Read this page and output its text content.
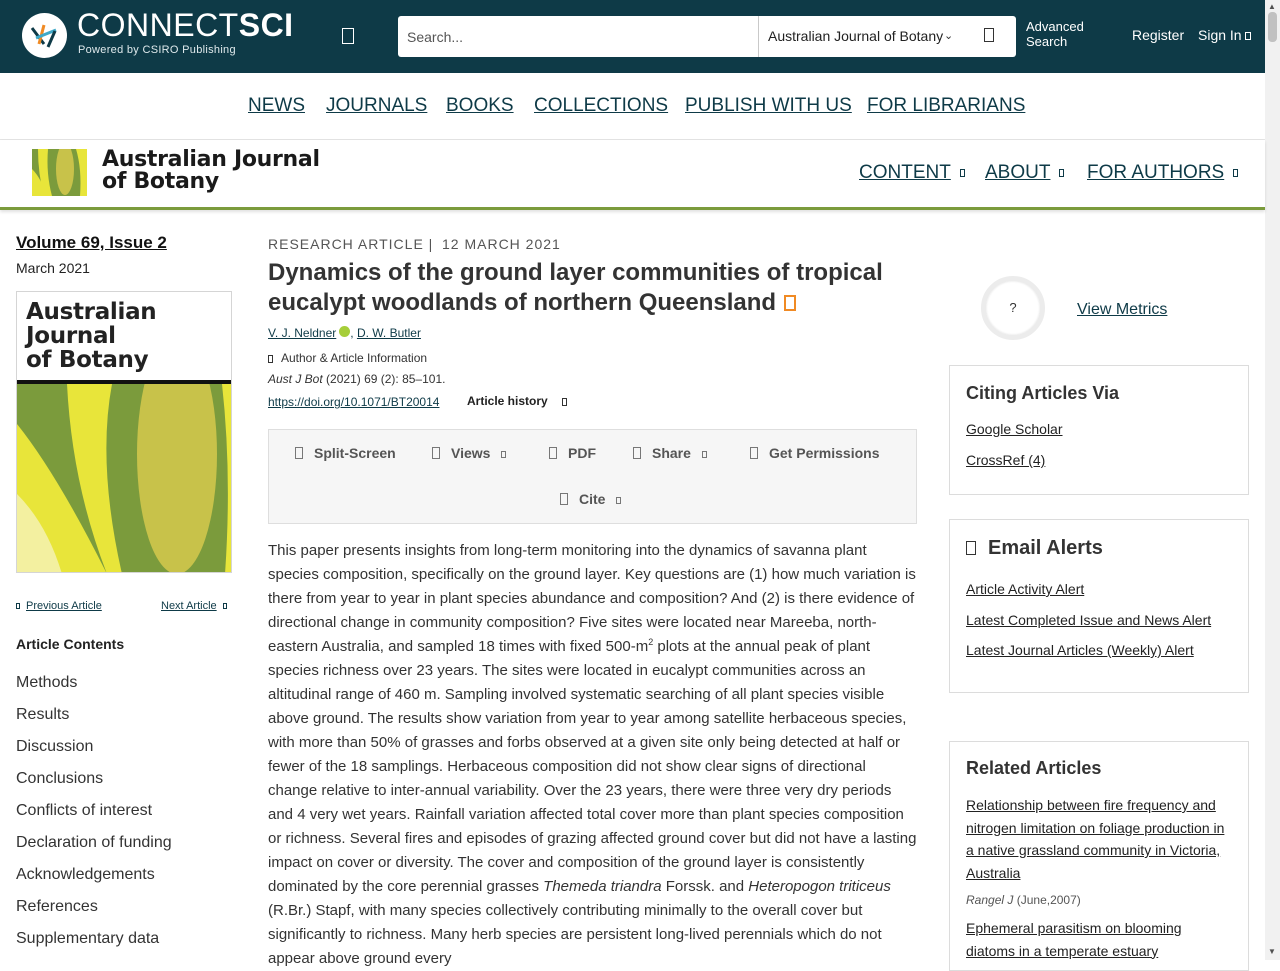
CONNECTSCI
Powered by CSIRO Publishing
Search...
Australian Journal of Botany ⌄
Advanced Search	Register Sign In
▲
▼
NEWS JOURNALS BOOKS COLLECTIONS PUBLISH WITH US FOR LIBRARIANS
Australian Journal
of Botany	CONTENT	ABOUT	FOR AUTHORS
Volume 69, Issue 2
March 2021
Australian
Journal
of Botany
Previous Article	Next Article
Article Contents
Methods
Results
Discussion
Conclusions
Conflicts of interest
Declaration of funding
Acknowledgements
References
Supplementary data
RESEARCH ARTICLE | 12 MARCH 2021
Dynamics of the ground layer communities of tropical eucalypt woodlands of northern Queensland
V. J. Neldner , D. W. Butler
Author & Article Information
Aust J Bot (2021) 69 (2): 85–101.
https://doi.org/10.1071/BT20014 Article history
Split-Screen	Views	PDF	Share	Get Permissions
Cite
This paper presents insights from long-term monitoring into the dynamics of savanna plant species composition, specifically on the ground layer. Key questions are (1) how much variation is there from year to year in plant species abundance and composition? And (2) is there evidence of directional change in community composition? Five sites were located near Mareeba, north-eastern Australia, and sampled 18 times with fixed $500-m^2$ plots at the annual peak of plant species richness over 23 years. The sites were located in eucalypt communities across an altitudinal range of 460 m. Sampling involved systematic searching of all plant species visible above ground. The results show variation from year to year among satellite herbaceous species, with more than 50% of grasses and forbs observed at a given site only being detected at half or fewer of the 18 samplings. Herbaceous composition did not show clear signs of directional change relative to inter-annual variability. Over the 23 years, there were three very dry periods and 4 very wet years. Rainfall variation affected total cover more than plant species composition or richness. Several fires and episodes of grazing affected ground cover but did not have a lasting impact on cover or diversity. The cover and composition of the ground layer is consistently dominated by the core perennial grasses Themeda triandra Forssk. and Heteropogon triticeus (R.Br.) Stapf, with many species collectively contributing minimally to the overall cover but significantly to richness. Many herb species are persistent long-lived perennials which do not appear above ground every
?	View Metrics
Citing Articles Via
Google Scholar
CrossRef (4)
Email Alerts
Article Activity Alert
Latest Completed Issue and News Alert
Latest Journal Articles (Weekly) Alert
Related Articles
Relationship between fire frequency and nitrogen limitation on foliage production in a native grassland community in Victoria, Australia
Rangel J (June,2007)
Ephemeral parasitism on blooming diatoms in a temperate estuary
